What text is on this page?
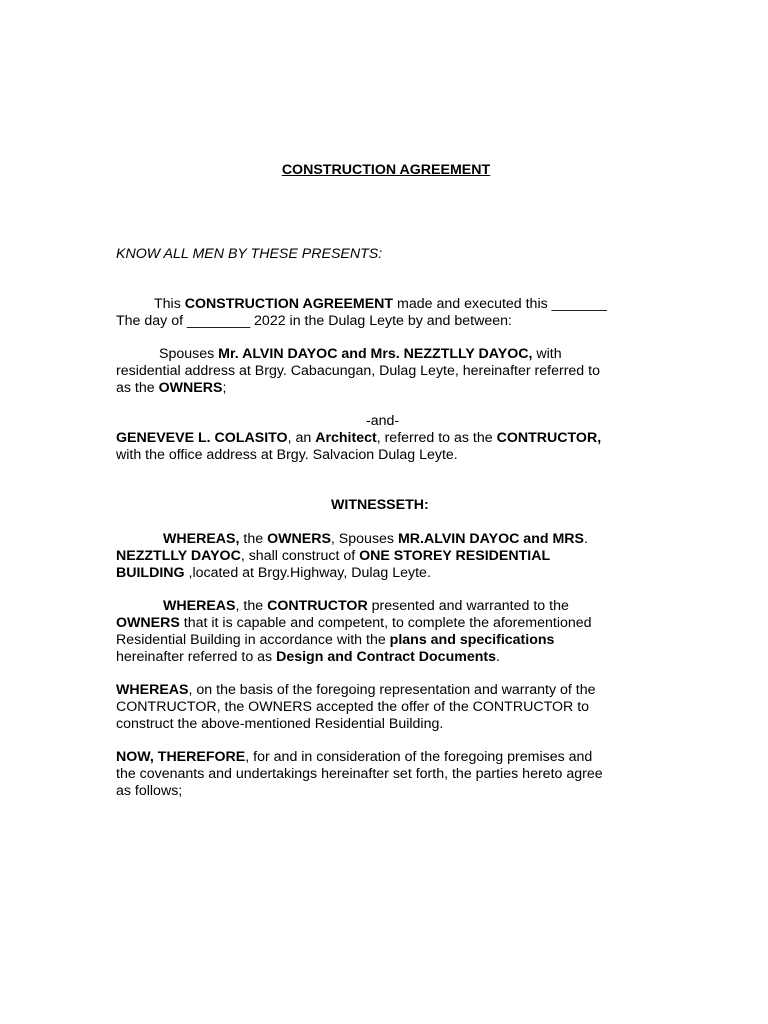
CONSTRUCTION AGREEMENT

KNOW ALL MEN BY THESE PRESENTS:

This CONSTRUCTION AGREEMENT made and executed this _______
The day of ________ 2022 in the Dulag Leyte by and between:

Spouses Mr. ALVIN DAYOC and Mrs. NEZZTLLY DAYOC, with
residential address at Brgy. Cabacungan, Dulag Leyte, hereinafter referred to
as the OWNERS;

-and-

GENEVEVE L. COLASITO, an Architect, referred to as the CONTRUCTOR,
with the office address at Brgy. Salvacion Dulag Leyte.

WITNESSETH:

WHEREAS, the OWNERS, Spouses MR.ALVIN DAYOC and MRS.
NEZZTLLY DAYOC, shall construct of ONE STOREY RESIDENTIAL
BUILDING ,located at Brgy.Highway, Dulag Leyte.

WHEREAS, the CONTRUCTOR presented and warranted to the
OWNERS that it is capable and competent, to complete the aforementioned
Residential Building in accordance with the plans and specifications
hereinafter referred to as Design and Contract Documents.

WHEREAS, on the basis of the foregoing representation and warranty of the
CONTRUCTOR, the OWNERS accepted the offer of the CONTRUCTOR to
construct the above-mentioned Residential Building.

NOW, THEREFORE, for and in consideration of the foregoing premises and
the covenants and undertakings hereinafter set forth, the parties hereto agree
as follows;
